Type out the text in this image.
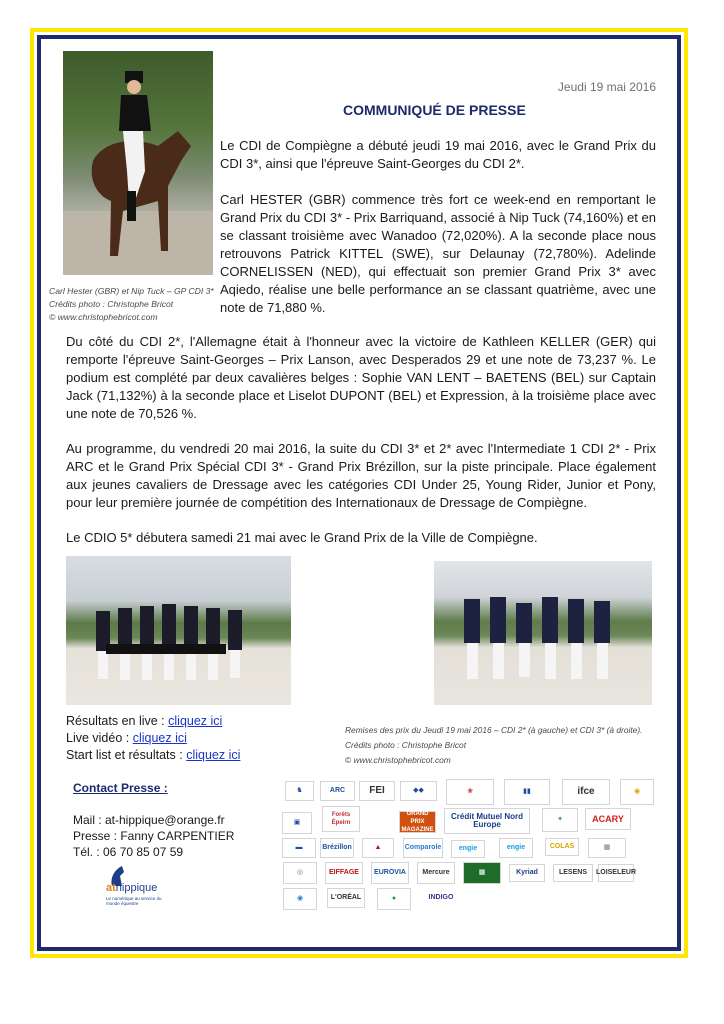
Carl Hester (GBR) et Nip Tuck – GP CDI 3*
Crédits photo : Christophe Bricot
© www.christophebricot.com
Jeudi 19 mai 2016
COMMUNIQUÉ DE PRESSE

Le CDI de Compiègne a débuté jeudi 19 mai 2016, avec le Grand Prix du CDI 3*, ainsi que l'épreuve Saint-Georges du CDI 2*.

Carl HESTER (GBR) commence très fort ce week-end en remportant le Grand Prix du CDI 3* - Prix Barriquand, associé à Nip Tuck (74,160%) et en se classant troisième avec Wanadoo (72,020%). A la seconde place nous retrouvons Patrick KITTEL (SWE), sur Delaunay (72,780%). Adelinde CORNELISSEN (NED), qui effectuait son premier Grand Prix 3* avec Aqiedo, réalise une belle performance an se classant quatrième, avec une note de 71,880 %.

Du côté du CDI 2*, l'Allemagne était à l'honneur avec la victoire de Kathleen KELLER (GER) qui remporte l'épreuve Saint-Georges – Prix Lanson, avec Desperados 29 et une note de 73,237 %. Le podium est complété par deux cavalières belges : Sophie VAN LENT – BAETENS (BEL) sur Captain Jack (71,132%) à la seconde place et Liselot DUPONT (BEL) et Expression, à la troisième place avec une note de 70,526 %.

Au programme, du vendredi 20 mai 2016, la suite du CDI 3* et 2* avec l'Intermediate 1 CDI 2* - Prix ARC et le Grand Prix Spécial CDI 3* - Grand Prix Brézillon, sur la piste principale. Place également aux jeunes cavaliers de Dressage avec les catégories CDI Under 25, Young Rider, Junior et Pony, pour leur première journée de compétition des Internationaux de Dressage de Compiègne.

Le CDIO 5* débutera samedi 21 mai avec le Grand Prix de la Ville de Compiègne.

Résultats en live : cliquez ici
Live vidéo : cliquez ici
Start list et résultats : cliquez ici
Remises des prix du Jeudi 19 mai 2016 – CDI 2* (à gauche) et CDI 3* (à droite).
Crédits photo : Christophe Bricot
© www.christophebricot.com
Contact Presse :
Mail : at-hippique@orange.fr
Presse : Fanny CARPENTIER
Tél. : 06 70 85 07 59
athippique
Le numérique au service du monde équestre
♞	ARC FEI	◆◆	❀	▮▮	ifce	◉
▣
Forêts Épeirn
GRAND PRIX MAGAZINE
Crédit Mutuel Nord Europe
✦	ACARY
▬	Brézillon	▲	Comparole	engie	engie	COLAS	▦
◎	EIFFAGE EUROVIA Mercure	▦	Kyriad	LESENS LOISELEUR
◉	L'ORÉAL	●	INDIGO
